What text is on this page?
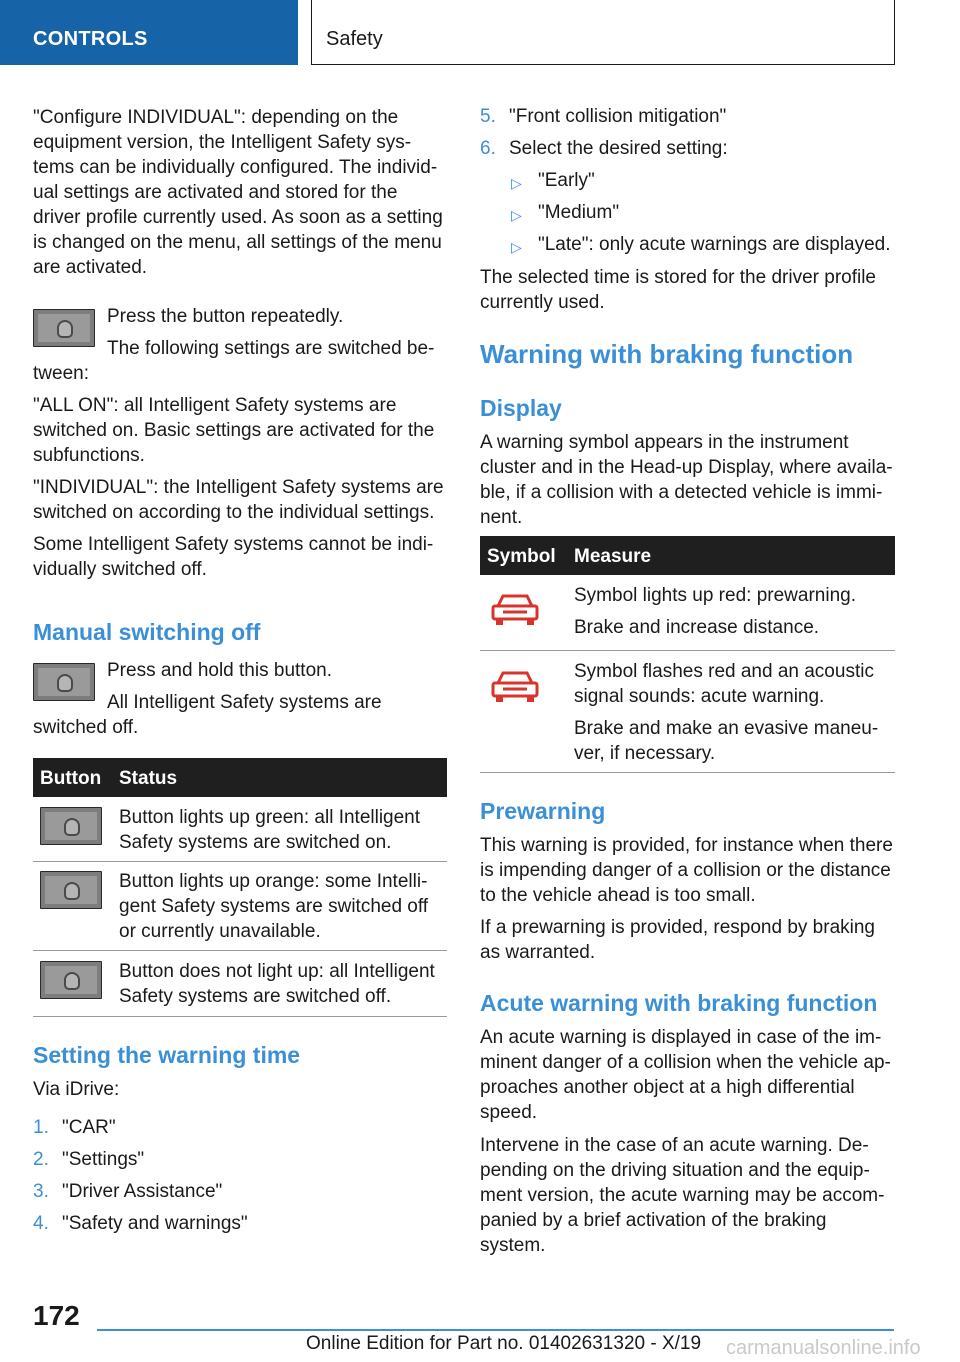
CONTROLS	Safety

"Configure INDIVIDUAL": depending on the

equipment version, the Intelligent Safety sys-

tems can be individually configured. The individ-

ual settings are activated and stored for the

driver profile currently used. As soon as a setting

is changed on the menu, all settings of the menu

are activated.

Press the button repeatedly.
The following settings are switched be-
tween:

"ALL ON": all Intelligent Safety systems are

switched on. Basic settings are activated for the

subfunctions.

"INDIVIDUAL": the Intelligent Safety systems are

switched on according to the individual settings.

Some Intelligent Safety systems cannot be indi-

vidually switched off.

Manual switching off
Press and hold this button.
All Intelligent Safety systems are
switched off.
Button Status

Button lights up green: all Intelligent

Safety systems are switched on.

Button lights up orange: some Intelli-

gent Safety systems are switched off

or currently unavailable.

Button does not light up: all Intelligent

Safety systems are switched off.

Setting the warning time
Via iDrive:
1. "CAR"
2. "Settings"
3. "Driver Assistance"
4. "Safety and warnings"
5. "Front collision mitigation"
6. Select the desired setting:
▷ "Early"
▷ "Medium"
▷ "Late": only acute warnings are displayed.

The selected time is stored for the driver profile

currently used.

Warning with braking function
Display

A warning symbol appears in the instrument

cluster and in the Head-up Display, where availa-

ble, if a collision with a detected vehicle is immi-

nent.

Symbol Measure

Symbol lights up red: prewarning.

Brake and increase distance.

Symbol flashes red and an acoustic

signal sounds: acute warning.

Brake and make an evasive maneu-

ver, if necessary.

Prewarning

This warning is provided, for instance when there

is impending danger of a collision or the distance

to the vehicle ahead is too small.

If a prewarning is provided, respond by braking

as warranted.

Acute warning with braking function

An acute warning is displayed in case of the im-

minent danger of a collision when the vehicle ap-

proaches another object at a high differential

speed.

Intervene in the case of an acute warning. De-

pending on the driving situation and the equip-

ment version, the acute warning may be accom-

panied by a brief activation of the braking

system.

172
Online Edition for Part no. 01402631320 - X/19 carmanualsonline.info
